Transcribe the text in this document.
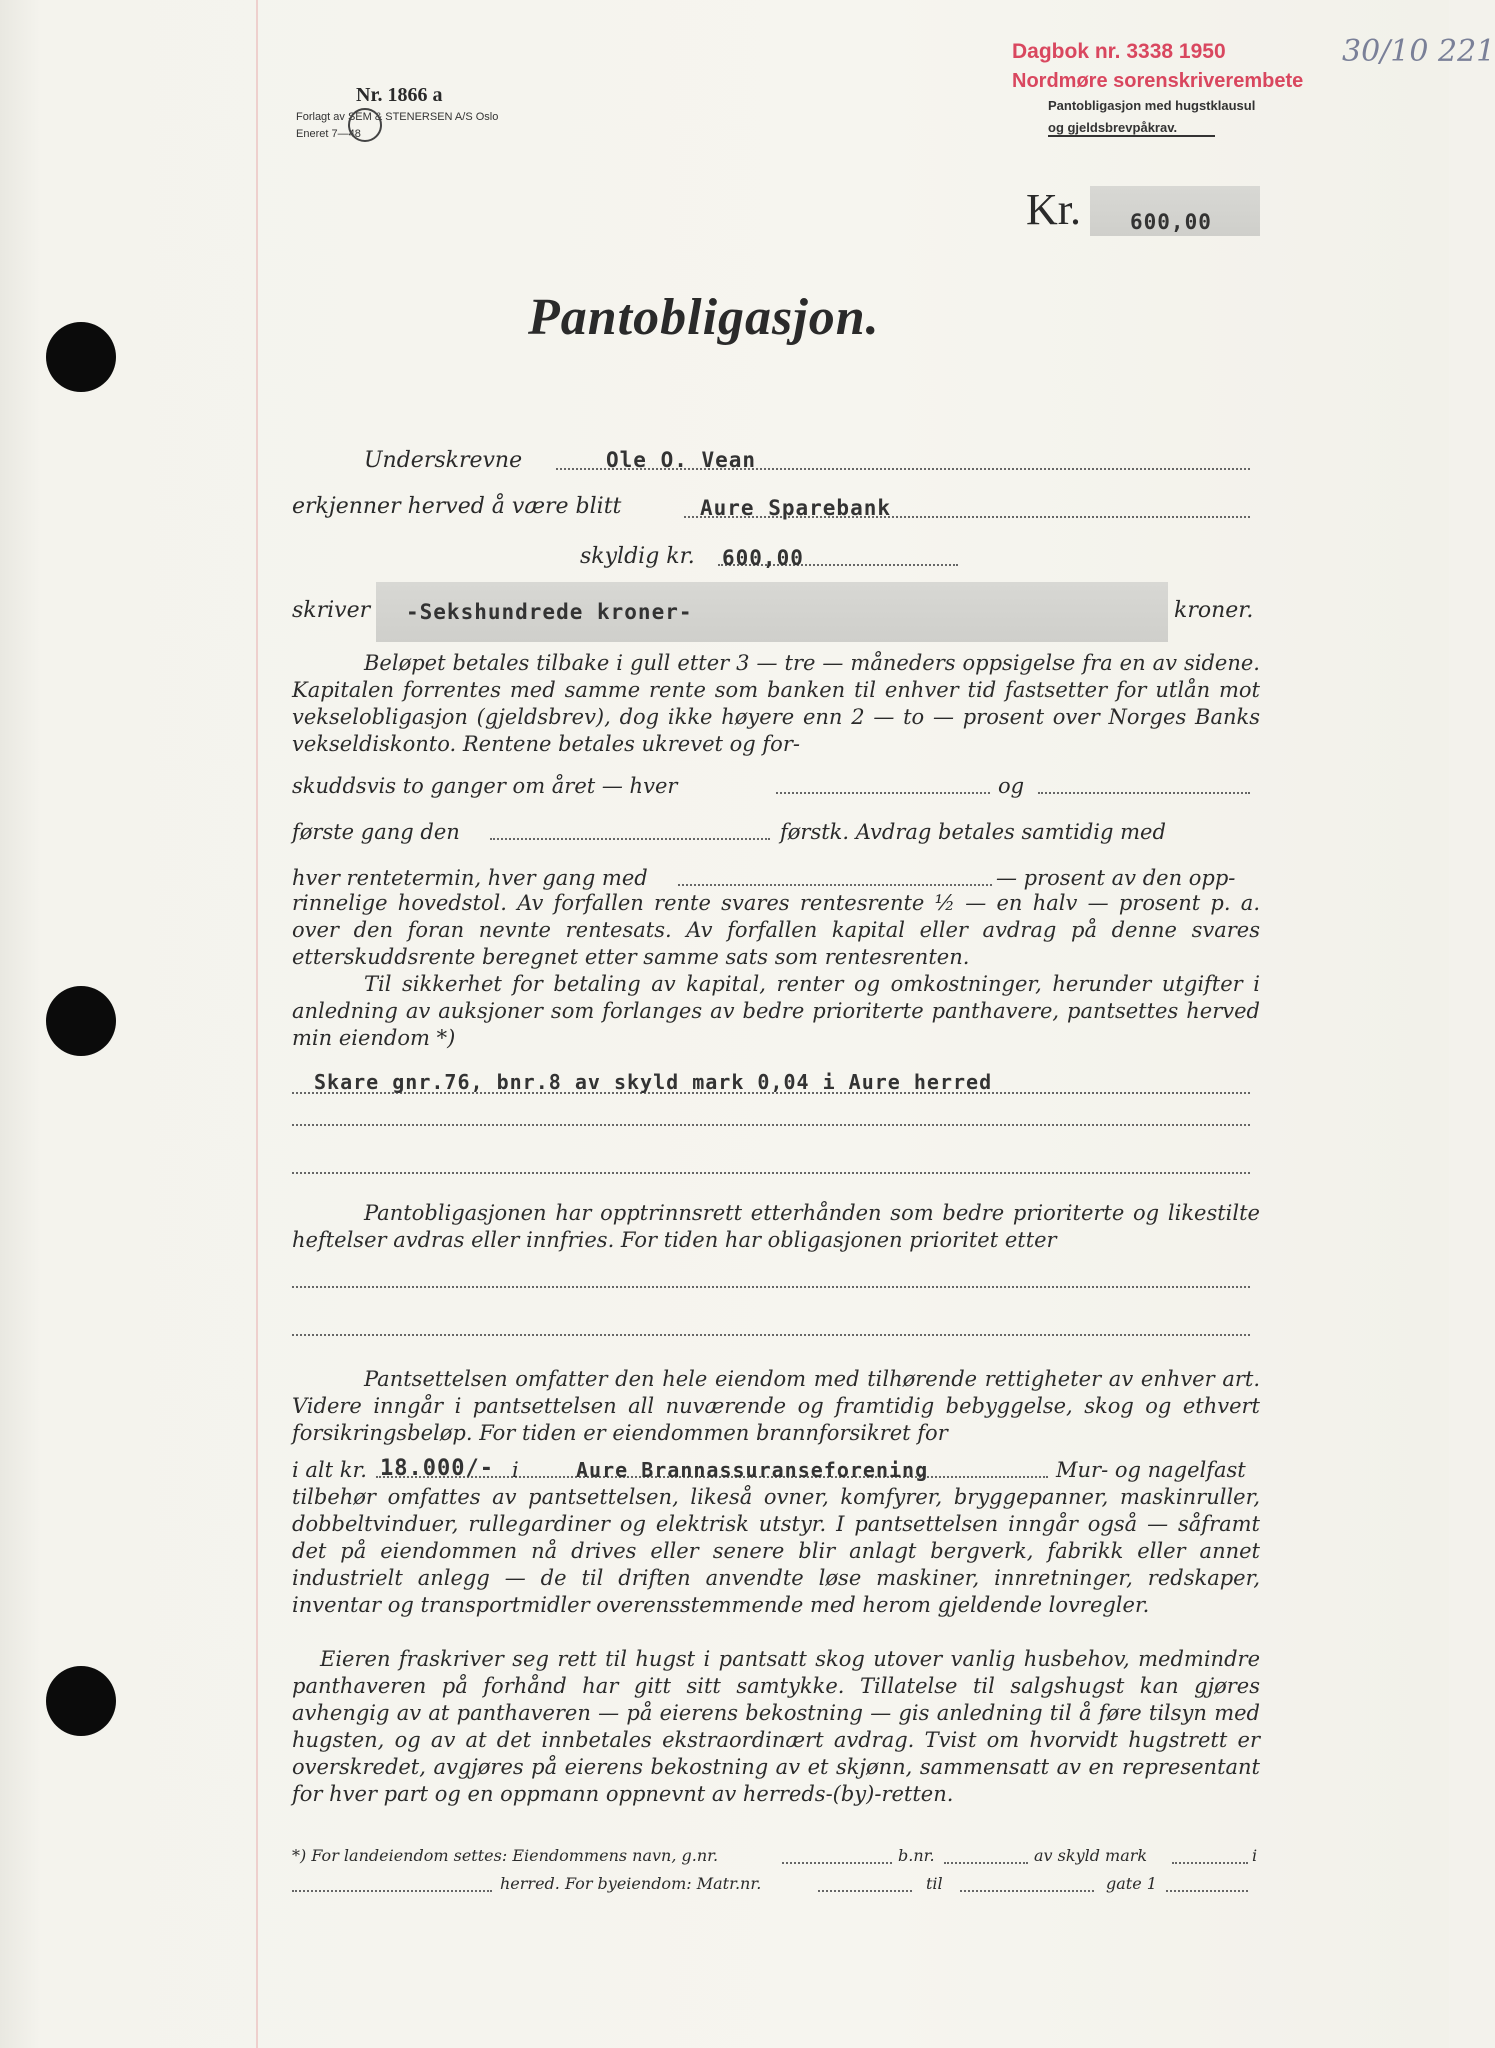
Nr. 1866 a
Forlagt av SEM & STENERSEN A/S Oslo
Eneret 7—48
Dagbok nr. 3338 1950
Nordmøre sorenskriverembete
30/10 221
Pantobligasjon med hugstklausul
og gjeldsbrevpåkrav.
Kr. 600,00
Pantobligasjon.
Underskrevne	Ole O. Vean
erkjenner herved å være blitt	Aure Sparebank
skyldig kr. 600,00
skriver -Sekshundrede kroner-	kroner.
Beløpet betales tilbake i gull etter 3 — tre — måneders oppsigelse fra en av sidene. Kapitalen forrentes med samme rente som banken til enhver tid fastsetter for utlån mot vekselobligasjon (gjeldsbrev), dog ikke høyere enn 2 — to — prosent over Norges Banks vekseldiskonto. Rentene betales ukrevet og for-
skuddsvis to ganger om året — hver	og
første gang den	førstk. Avdrag betales samtidig med
hver rentetermin, hver gang med	— prosent av den opp-
rinnelige hovedstol. Av forfallen rente svares rentesrente ½ — en halv — prosent p. a. over den foran nevnte rentesats. Av forfallen kapital eller avdrag på denne svares etterskuddsrente beregnet etter samme sats som rentesrenten.
Til sikkerhet for betaling av kapital, renter og omkostninger, herunder utgifter i anledning av auksjoner som forlanges av bedre prioriterte panthavere, pantsettes herved min eiendom *)
Skare gnr.76, bnr.8 av skyld mark 0,04 i Aure herred
Pantobligasjonen har opptrinnsrett etterhånden som bedre prioriterte og likestilte heftelser avdras eller innfries. For tiden har obligasjonen prioritet etter
Pantsettelsen omfatter den hele eiendom med tilhørende rettigheter av enhver art. Videre inngår i pantsettelsen all nuværende og framtidig bebyggelse, skog og ethvert forsikringsbeløp. For tiden er eiendommen brannforsikret for
i alt kr. 18.000/- i	Aure Brannassuranseforening	Mur- og nagelfast
tilbehør omfattes av pantsettelsen, likeså ovner, komfyrer, bryggepanner, maskinruller, dobbeltvinduer, rullegardiner og elektrisk utstyr. I pantsettelsen inngår også — såframt det på eiendommen nå drives eller senere blir anlagt bergverk, fabrikk eller annet industrielt anlegg — de til driften anvendte løse maskiner, innretninger, redskaper, inventar og transportmidler overensstemmende med herom gjeldende lovregler.
Eieren fraskriver seg rett til hugst i pantsatt skog utover vanlig husbehov, medmindre panthaveren på forhånd har gitt sitt samtykke. Tillatelse til salgshugst kan gjøres avhengig av at panthaveren — på eierens bekostning — gis anledning til å føre tilsyn med hugsten, og av at det innbetales ekstraordinært avdrag. Tvist om hvorvidt hugstrett er overskredet, avgjøres på eierens bekostning av et skjønn, sammensatt av en representant for hver part og en oppmann oppnevnt av herreds-(by)-retten.
*) For landeiendom settes: Eiendommens navn, g.nr.	b.nr.	av skyld mark	i
herred. For byeiendom: Matr.nr.	til	gate 1
